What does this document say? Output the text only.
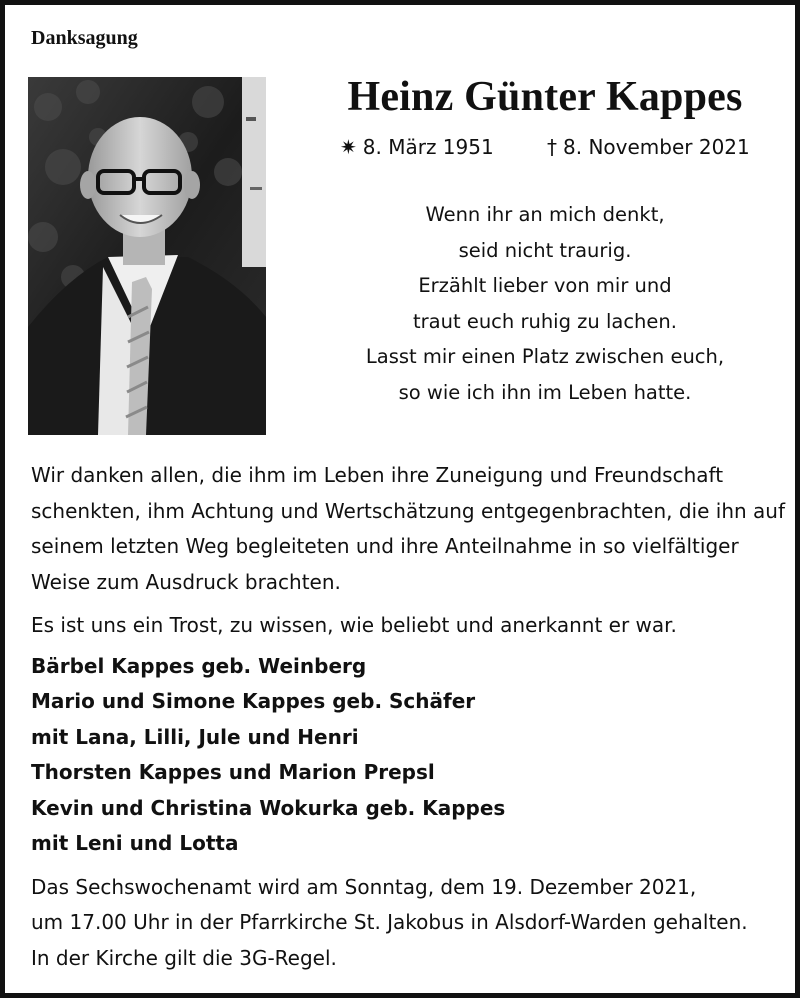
Danksagung
Heinz Günter Kappes
✷ 8. März 1951	† 8. November 2021
Wenn ihr an mich denkt,
seid nicht traurig.
Erzählt lieber von mir und
traut euch ruhig zu lachen.
Lasst mir einen Platz zwischen euch,
so wie ich ihn im Leben hatte.

Wir danken allen, die ihm im Leben ihre Zuneigung und Freundschaft
schenkten, ihm Achtung und Wertschätzung entgegenbrachten, die ihn auf
seinem letzten Weg begleiteten und ihre Anteilnahme in so vielfältiger
Weise zum Ausdruck brachten.

Es ist uns ein Trost, zu wissen, wie beliebt und anerkannt er war.

Bärbel Kappes geb. Weinberg
Mario und Simone Kappes geb. Schäfer
mit Lana, Lilli, Jule und Henri
Thorsten Kappes und Marion Prepsl
Kevin und Christina Wokurka geb. Kappes
mit Leni und Lotta

Das Sechswochenamt wird am Sonntag, dem 19. Dezember 2021,
um 17.00 Uhr in der Pfarrkirche St. Jakobus in Alsdorf-Warden gehalten.
In der Kirche gilt die 3G-Regel.
